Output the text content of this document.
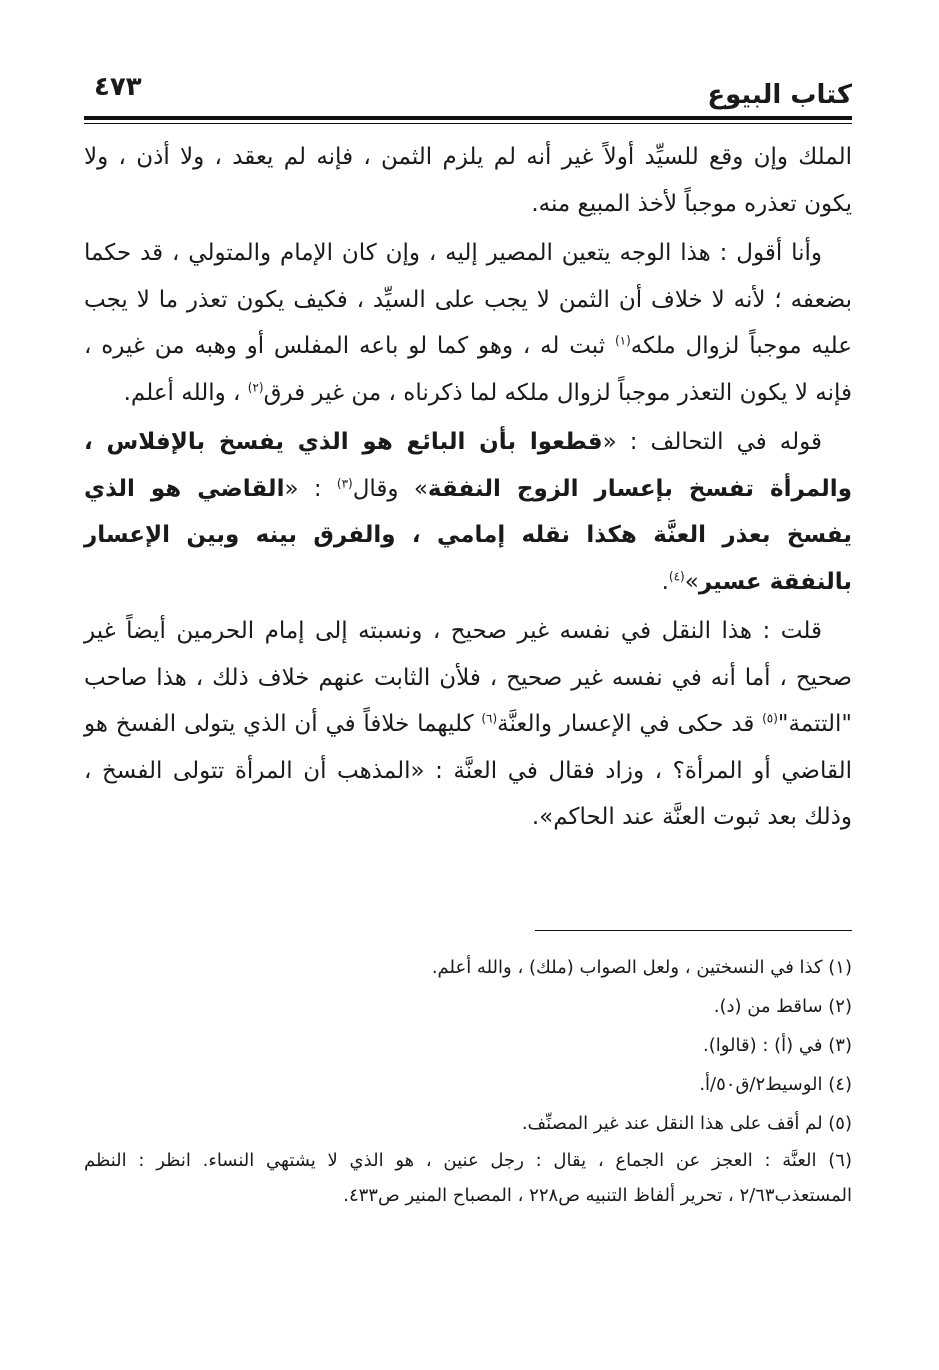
كتاب البيوع
٤٧٣

الملك وإن وقع للسيِّد أولاً غير أنه لم يلزم الثمن ، فإنه لم يعقد ، ولا أذن ، ولا يكون تعذره موجباً لأخذ المبيع منه.

وأنا أقول : هذا الوجه يتعين المصير إليه ، وإن كان الإمام والمتولي ، قد حكما بضعفه ؛ لأنه لا خلاف أن الثمن لا يجب على السيِّد ، فكيف يكون تعذر ما لا يجب عليه موجباً لزوال ملكه$^{(١)}$ ثبت له ، وهو كما لو باعه المفلس أو وهبه من غيره ، فإنه لا يكون التعذر موجباً لزوال ملكه لما ذكرناه ، من غير فرق$^{(٢)}$ ، والله أعلم.

قوله في التحالف : «قطعوا بأن البائع هو الذي يفسخ بالإفلاس ، والمرأة تفسخ بإعسار الزوج النفقة» وقال$^{(٣)}$ : «القاضي هو الذي يفسخ بعذر العنَّة هكذا نقله إمامي ، والفرق بينه وبين الإعسار بالنفقة عسير»$^{(٤)}$.

قلت : هذا النقل في نفسه غير صحيح ، ونسبته إلى إمام الحرمين أيضاً غير صحيح ، أما أنه في نفسه غير صحيح ، فلأن الثابت عنهم خلاف ذلك ، هذا صاحب "التتمة"$^{(٥)}$ قد حكى في الإعسار والعنَّة$^{(٦)}$ كليهما خلافاً في أن الذي يتولى الفسخ هو القاضي أو المرأة؟ ، وزاد فقال في العنَّة : «المذهب أن المرأة تتولى الفسخ ، وذلك بعد ثبوت العنَّة عند الحاكم».

(١) كذا في النسختين ، ولعل الصواب (ملك) ، والله أعلم.

(٢) ساقط من (د).

(٣) في (أ) : (قالوا).

(٤) الوسيط٢/ق٥٠/أ.

(٥) لم أقف على هذا النقل عند غير المصنِّف.

(٦) العنَّة : العجز عن الجماع ، يقال : رجل عنين ، هو الذي لا يشتهي النساء. انظر : النظم المستعذب٢/٦٣ ، تحرير ألفاظ التنبيه ص٢٢٨ ، المصباح المنير ص٤٣٣.
